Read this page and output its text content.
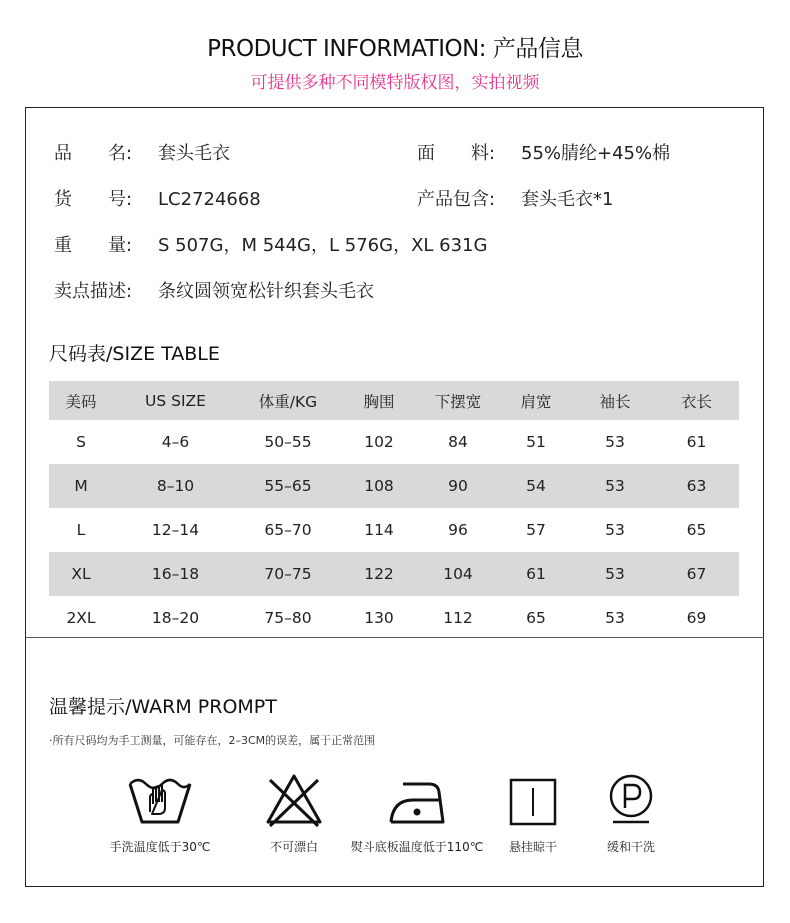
PRODUCT INFORMATION: 产品信息
可提供多种不同模特版权图，实拍视频
品　　名: 套头毛衣	面　　料: 55%腈纶+45%棉
货　　号: LC2724668	产品包含: 套头毛衣*1
重　　量: S 507G，M 544G，L 576G，XL 631G
卖点描述: 条纹圆领宽松针织套头毛衣
尺码表/SIZE TABLE
美码	US SIZE	体重/KG	胸围	下摆宽	肩宽	袖长	衣长
S	4–6	50–55	102	84	51	53	61
M	8–10	55–65	108	90	54	53	63
L	12–14	65–70	114	96	57	53	65
XL	16–18	70–75	122	104	61	53	67
2XL	18–20	75–80	130	112	65	53	69
温馨提示/WARM PROMPT
·所有尺码均为手工测量，可能存在，2–3CM的误差，属于正常范围
手洗温度低于30℃	不可漂白	熨斗底板温度低于110℃	悬挂晾干	缓和干洗
